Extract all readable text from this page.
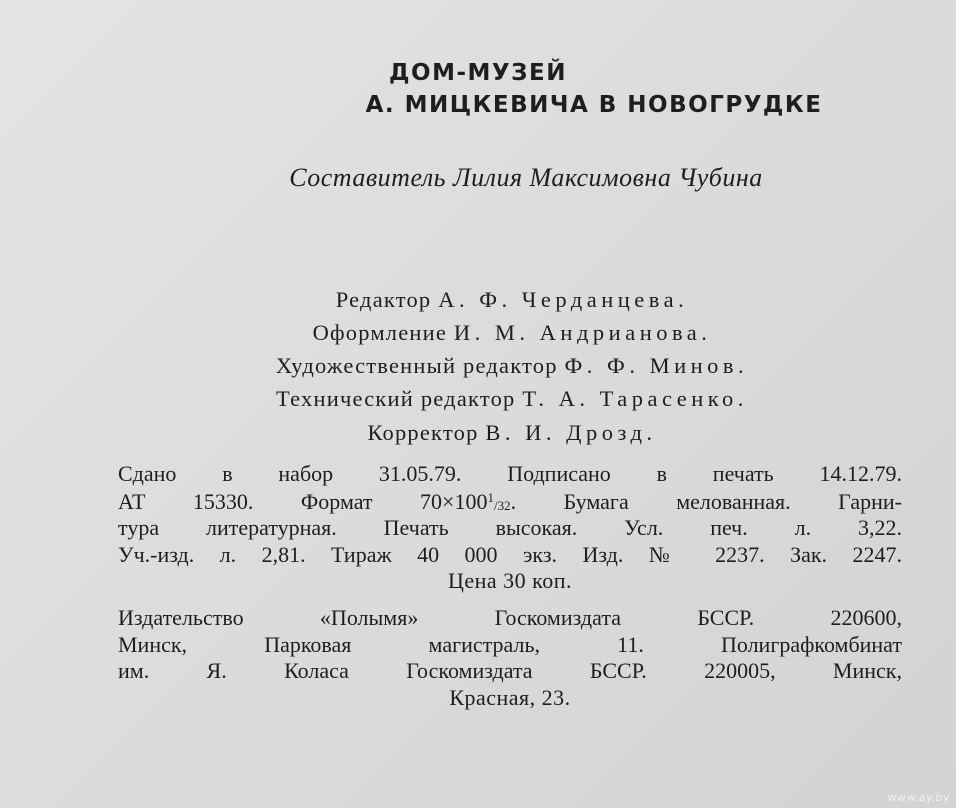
ДОМ-МУЗЕЙ
А. МИЦКЕВИЧА В НОВОГРУДКЕ
Составитель Лилия Максимовна Чубина
Редактор А. Ф. Черданцева.
Оформление И. М. Андрианова.
Художественный редактор Ф. Ф. Минов.
Технический редактор Т. А. Тарасенко.
Корректор В. И. Дрозд.
Сдано в набор 31.05.79. Подписано в печать 14.12.79.
АТ 15330. Формат $70\times 100^1_{/32}$. Бумага мелованная. Гарни-
тура литературная. Печать высокая. Усл. печ. л. 3,22.
Уч.-изд. л. 2,81. Тираж 40 000 экз. Изд. № 2237. Зак. 2247.
Цена 30 коп.
Издательство «Полымя» Госкомиздата БССР. 220600,
Минск, Парковая магистраль, 11. Полиграфкомбинат
им. Я. Коласа Госкомиздата БССР. 220005, Минск,
Красная, 23.
www.ay.by
